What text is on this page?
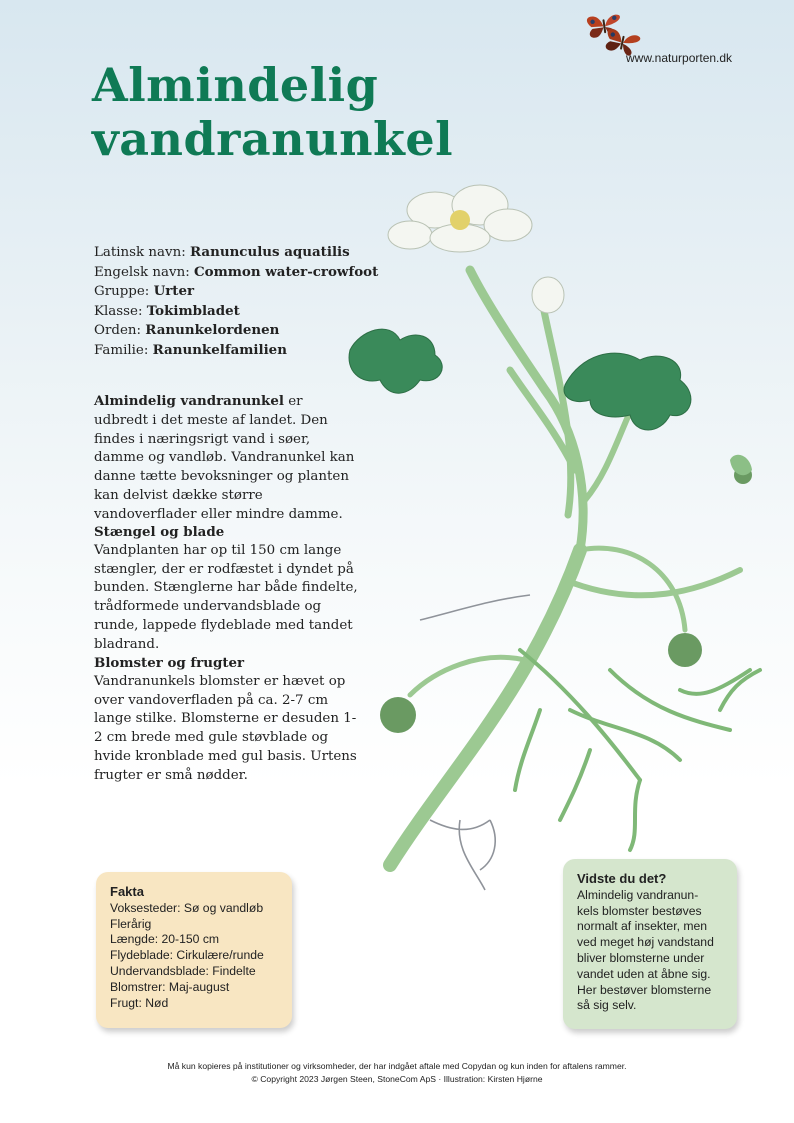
www.naturporten.dk
Almindelig
vandranunkel
Latinsk navn: Ranunculus aquatilis
Engelsk navn: Common water-crowfoot
Gruppe: Urter
Klasse: Tokimbladet
Orden: Ranunkelordenen
Familie: Ranunkelfamilien

Almindelig vandranunkel er udbredt i det meste af landet. Den findes i næringsrigt vand i søer, damme og vandløb. Vandranunkel kan danne tætte bevoksninger og planten kan delvist dække større vandoverflader eller mindre damme.

Stængel og blade

Vandplanten har op til 150 cm lange stængler, der er rodfæstet i dyndet på bunden. Stænglerne har både findelte, trådformede undervandsblade og runde, lappede flydeblade med tandet bladrand.

Blomster og frugter

Vandranunkels blomster er hævet op over vandoverfladen på ca. 2-7 cm lange stilke. Blomsterne er desuden 1-2 cm brede med gule støvblade og hvide kronblade med gul basis. Urtens frugter er små nødder.

Fakta
Voksesteder: Sø og vandløb
Flerårig
Længde: 20-150 cm
Flydeblade: Cirkulære/runde
Undervandsblade: Findelte
Blomstrer: Maj-august
Frugt: Nød
Vidste du det?
Almindelig vandranun-
kels blomster bestøves
normalt af insekter, men
ved meget høj vandstand
bliver blomsterne under
vandet uden at åbne sig.
Her bestøver blomsterne
så sig selv.
Må kun kopieres på institutioner og virksomheder, der har indgået aftale med Copydan og kun inden for aftalens rammer.
© Copyright 2023 Jørgen Steen, StoneCom ApS · Illustration: Kirsten Hjørne
